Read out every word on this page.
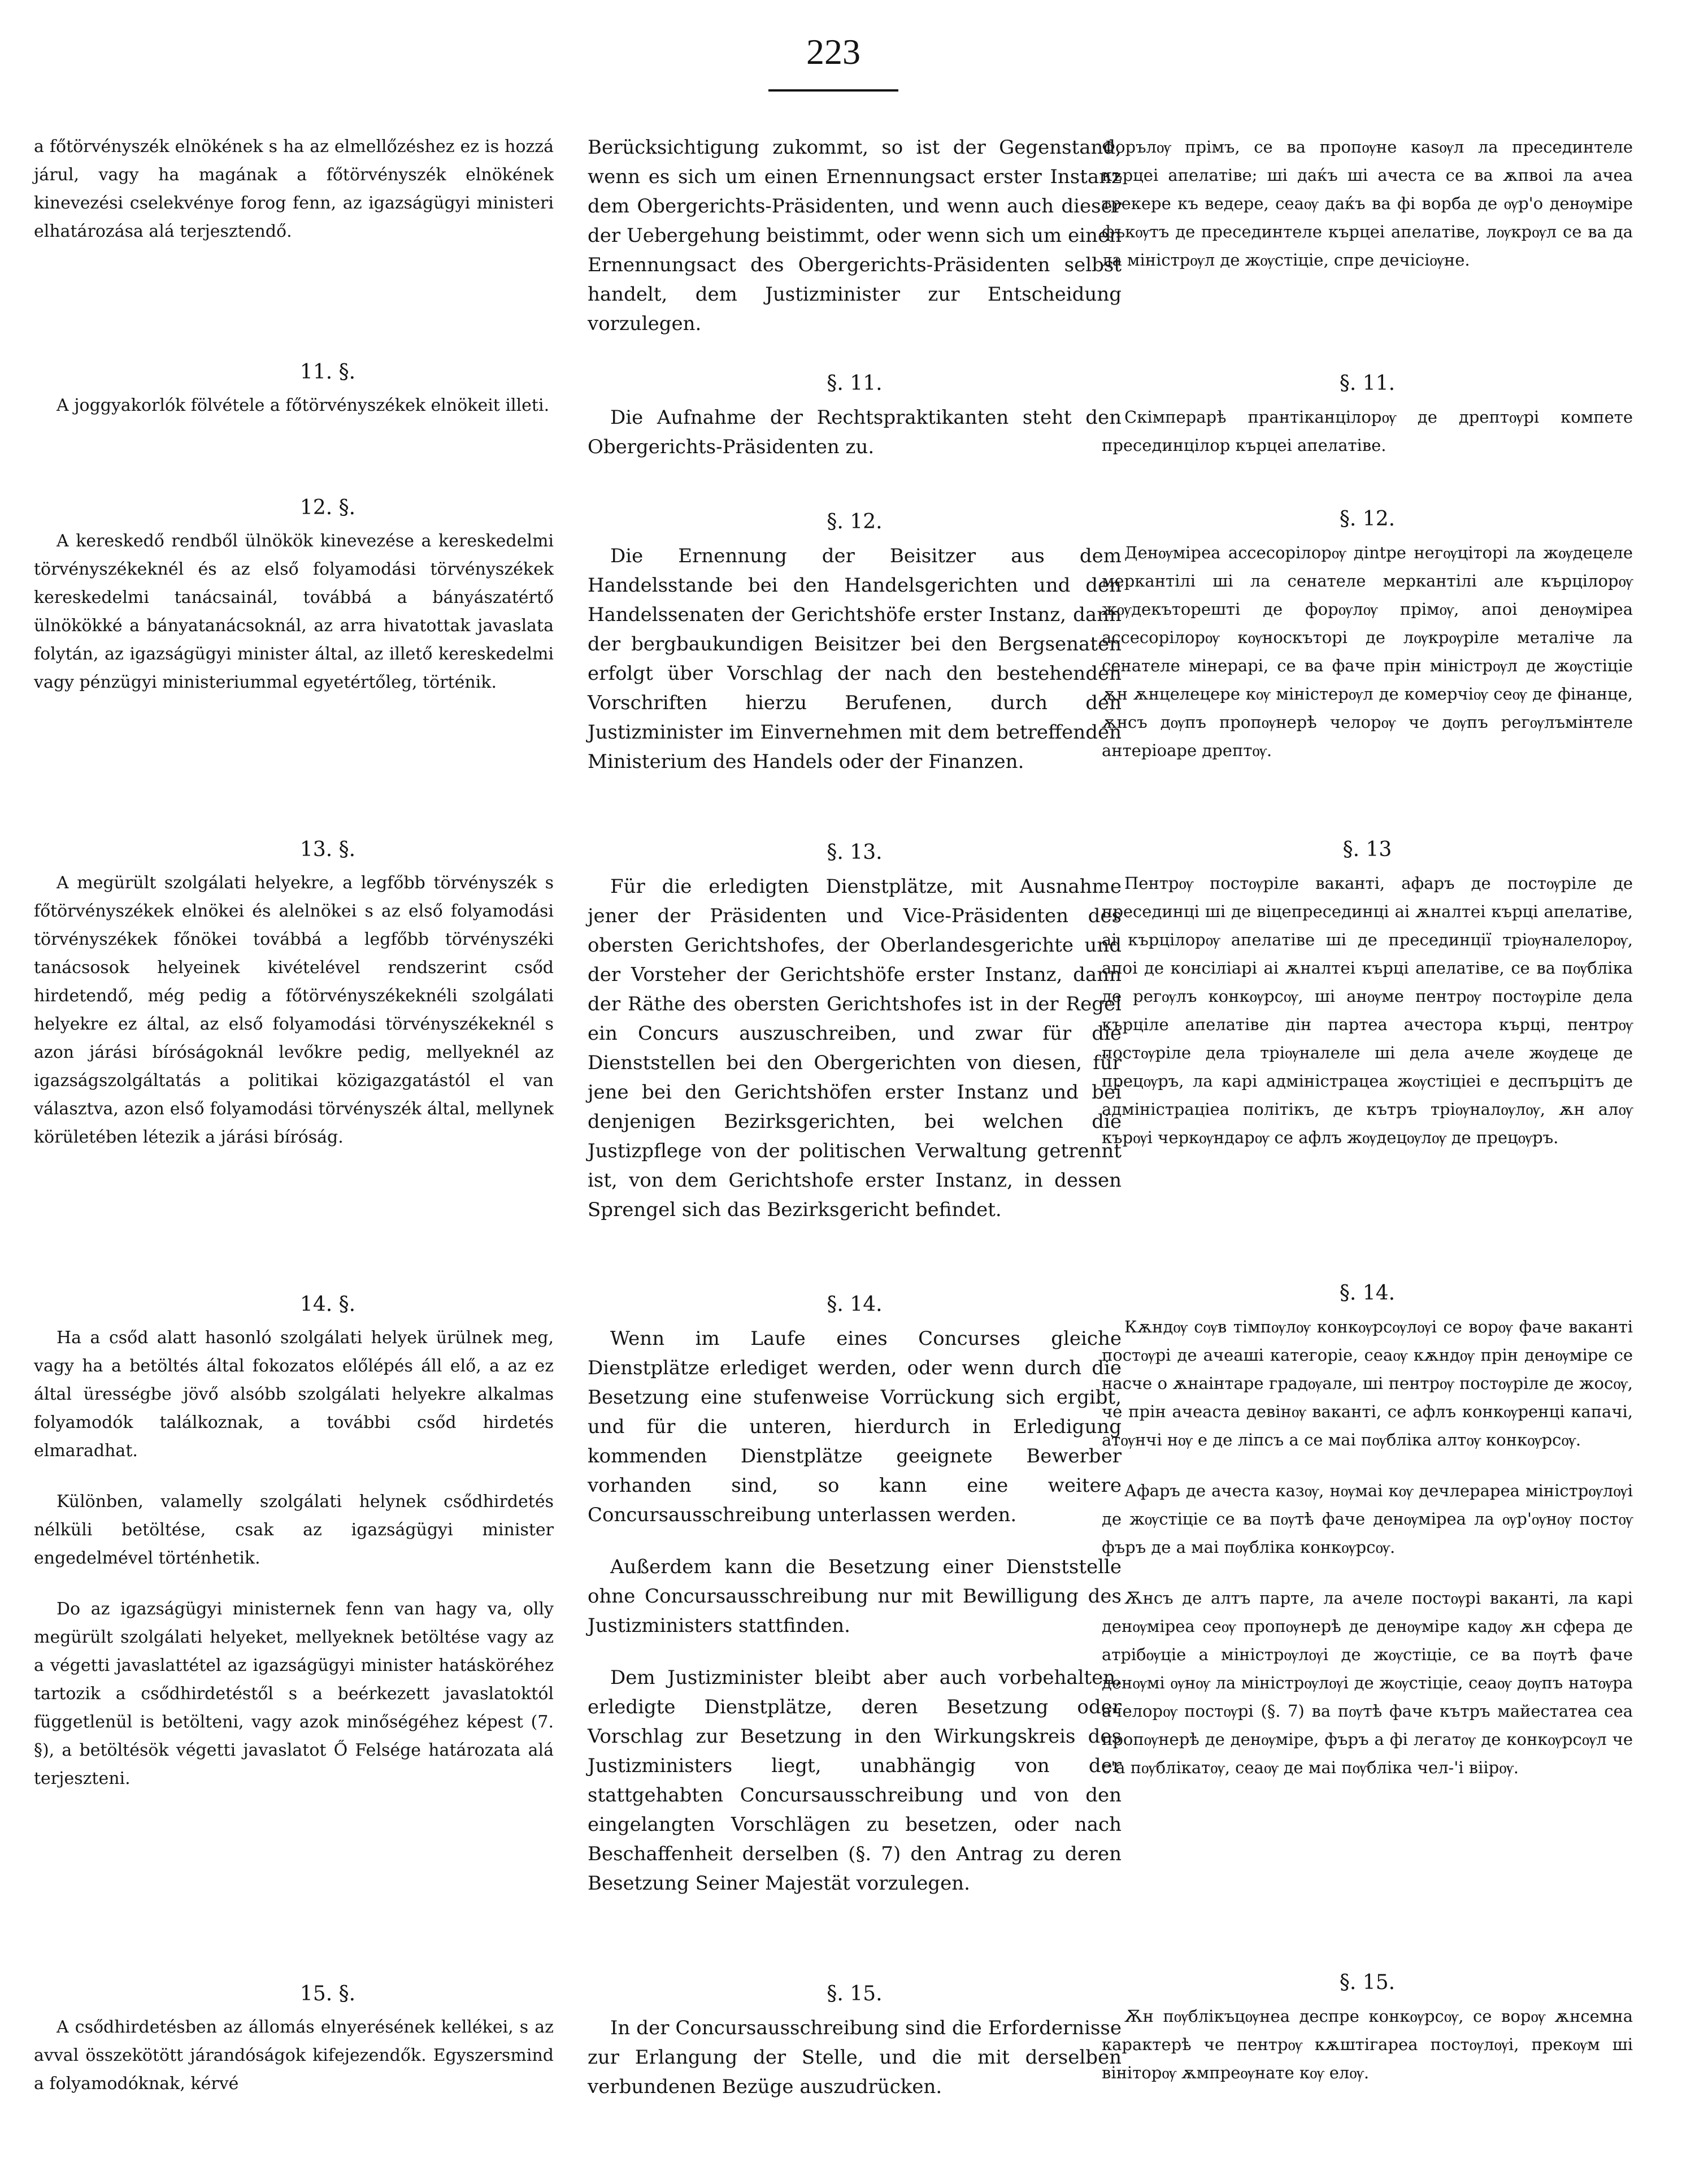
223
a főtörvényszék elnökének s ha az elmellőzéshez ez is hozzá járul, vagy ha magának a főtörvényszék elnökének kinevezési cselekvénye forog fenn, az igazságügyi ministeri elhatározása alá terjesztendő.
11. §.
A joggyakorlók fölvétele a főtörvényszékek elnökeit illeti.
12. §.
A kereskedő rendből ülnökök kinevezése a kereskedelmi törvényszékeknél és az első folyamodási törvényszékek kereskedelmi tanácsainál, továbbá a bányászatértő ülnökökké a bányatanácsoknál, az arra hivatottak javaslata folytán, az igazságügyi minister által, az illető kereskedelmi vagy pénzügyi ministeriummal egyetértőleg, történik.
13. §.
A megürült szolgálati helyekre, a legfőbb törvényszék s főtörvényszékek elnökei és alelnökei s az első folyamodási törvényszékek főnökei továbbá a legfőbb törvényszéki tanácsosok helyeinek kivételével rendszerint csőd hirdetendő, még pedig a főtörvényszékeknéli szolgálati helyekre ez által, az első folyamodási törvényszékeknél s azon járási bíróságoknál levőkre pedig, mellyeknél az igazságszolgáltatás a politikai közigazgatástól el van választva, azon első folyamodási törvényszék által, mellynek körületében létezik a járási bíróság.
14. §.
Ha a csőd alatt hasonló szolgálati helyek ürülnek meg, vagy ha a betöltés által fokozatos előlépés áll elő, a az ez által ürességbe jövő alsóbb szolgálati helyekre alkalmas folyamodók találkoznak, a további csőd hirdetés elmaradhat.
Különben, valamelly szolgálati helynek csődhirdetés nélküli betöltése, csak az igazságügyi minister engedelmével történhetik.
Do az igazságügyi ministernek fenn van hagy va, olly megürült szolgálati helyeket, mellyeknek betöltése vagy az a végetti javaslattétel az igazságügyi minister hatásköréhez tartozik a csődhirdetéstől s a beérkezett javaslatoktól függetlenül is betölteni, vagy azok minőségéhez képest (7. §), a betöltésök végetti javaslatot Ő Felsége határozata alá terjeszteni.
15. §.
A csődhirdetésben az állomás elnyerésének kellékei, s az avval összekötött járandóságok kifejezendők. Egyszersmind a folyamodóknak, kérvé
Berücksichtigung zukommt, so ist der Gegenstand, wenn es sich um einen Ernennungsact erster Instanz dem Obergerichts-Präsidenten, und wenn auch dieser der Uebergehung beistimmt, oder wenn sich um einen Ernennungsact des Obergerichts-Präsidenten selbst handelt, dem Justizminister zur Entscheidung vorzulegen.
§. 11.
Die Aufnahme der Rechtspraktikanten steht den Obergerichts-Präsidenten zu.
§. 12.
Die Ernennung der Beisitzer aus dem Handelsstande bei den Handelsgerichten und den Handelssenaten der Gerichtshöfe erster Instanz, dann der bergbaukundigen Beisitzer bei den Bergsenaten erfolgt über Vorschlag der nach den bestehenden Vorschriften hierzu Berufenen, durch den Justizminister im Einvernehmen mit dem betreffenden Ministerium des Handels oder der Finanzen.
§. 13.
Für die erledigten Dienstplätze, mit Ausnahme jener der Präsidenten und Vice-Präsidenten des obersten Gerichtshofes, der Oberlandesgerichte und der Vorsteher der Gerichtshöfe erster Instanz, dann der Räthe des obersten Gerichtshofes ist in der Regel ein Concurs auszuschreiben, und zwar für die Dienststellen bei den Obergerichten von diesen, für jene bei den Gerichtshöfen erster Instanz und bei denjenigen Bezirksgerichten, bei welchen die Justizpflege von der politischen Verwaltung getrennt ist, von dem Gerichtshofe erster Instanz, in dessen Sprengel sich das Bezirksgericht befindet.
§. 14.
Wenn im Laufe eines Concurses gleiche Dienstplätze erlediget werden, oder wenn durch die Besetzung eine stufenweise Vorrückung sich ergibt, und für die unteren, hierdurch in Erledigung kommenden Dienstplätze geeignete Bewerber vorhanden sind, so kann eine weitere Concursausschreibung unterlassen werden.
Außerdem kann die Besetzung einer Dienststelle ohne Concursausschreibung nur mit Bewilligung des Justizministers stattfinden.
Dem Justizminister bleibt aber auch vorbehalten, erledigte Dienstplätze, deren Besetzung oder Vorschlag zur Besetzung in den Wirkungskreis des Justizministers liegt, unabhängig von der stattgehabten Concursausschreibung und von den eingelangten Vorschlägen zu besetzen, oder nach Beschaffenheit derselben (§. 7) den Antrag zu deren Besetzung Seiner Majestät vorzulegen.
§. 15.
In der Concursausschreibung sind die Erfordernisse zur Erlangung der Stelle, und die mit derselben verbundenen Bezüge auszudrücken.
Форълѹ прімъ, се ва пропѹне каѕѹл ла пресединтеле кърцеі апелатіве; ші даќъ ші ачеста се ва ѫпвоі ла ачеа трекере къ ведере, сеаѹ даќъ ва фі ворба де ѹр'о денѹміре фъкѹтъ де пресединтеле кърцеі апелатіве, лѹкрѹл се ва да ла міністрѹл де жѹстіціе, спре дечісіѹне.
§. 11.
Скімперарѣ прантіканцілорѹ де дрептѹрі компете пресединцілор кърцеі апелатіве.
§. 12.
Денѹміреа ассесорілорѹ діntре негѹціторі ла жѹдецеле меркантілі ші ла сенателе меркантілі але кърцілорѹ жѹдекъторешті де форѹлѹ прімѹ, апоі денѹміреа ассесорілорѹ кѹноскъторі де лѹкрѹріле металіче ла сенателе мінерарі, се ва фаче прін міністрѹл де жѹстіціе ѫн ѫнцелецере кѹ міністерѹл де комерчіѹ сеѹ де фінанце, ѫнсъ дѹпъ пропѹнерѣ челорѹ че дѹпъ регѹлъмінтеле антеріоаре дрептѹ.
§. 13
Пентрѹ постѹріле ваканті, афаръ де постѹріле де пресединці ші де віцепресединці аі ѫналтеі кърці апелатіве, аі кърцілорѹ апелатіве ші де пресединції тріѹналелорѹ, апоі де консіліарі аі ѫналтеі кърці апелатіве, се ва пѹбліка де регѹлъ конкѹрсѹ, ші анѹме пентрѹ постѹріле дела кърціле апелатіве дін партеа ачестора кърці, пентрѹ постѹріле дела тріѹналеле ші дела ачеле жѹдеце де прецѹръ, ла карі адміністрацеа жѹстіціеі е деспърцітъ де адміністраціеа політікъ, де кътръ тріѹналѹлѹ, ѫн алѹ кърѹі черкѹндарѹ се афлъ жѹдецѹлѹ де прецѹръ.
§. 14.
Кѫндѹ сѹв тімпѹлѹ конкѹрсѹлѹі се ворѹ фаче ваканті постѹрі де ачеаші категоріе, сеаѹ кѫндѹ прін денѹміре се насче о ѫнаінтаре градѹале, ші пентрѹ постѹріле де жосѹ, че прін ачеаста девінѹ ваканті, се афлъ конкѹренці капачі, атѹнчі нѹ е де ліпсъ а се маі пѹбліка алтѹ конкѹрсѹ.
Афаръ де ачеста казѹ, нѹмаі кѹ дечлерареа міністрѹлѹі де жѹстіціе се ва пѹтѣ фаче денѹміреа ла ѹр'ѹнѹ постѹ фъръ де а маі пѹбліка конкѹрсѹ.
Ѫнсъ де алтъ парте, ла ачеле постѹрі ваканті, ла карі денѹміреа сеѹ пропѹнерѣ де денѹміре кадѹ ѫн сфера де атрібѹціе а міністрѹлѹі де жѹстіціе, се ва пѹтѣ фаче денѹмі ѹнѹ ла міністрѹлѹі де жѹстіціе, сеаѹ дѹпъ натѹра ачелорѹ постѹрі (§. 7) ва пѹтѣ фаче кътръ майестатеа сеа пропѹнерѣ де денѹміре, фъръ а фі легатѹ де конкѹрсѹл че с'а пѹблікатѹ, сеаѹ де маі пѹбліка чел-'і віірѹ.
§. 15.
Ѫн пѹблікъцѹнеа деспре конкѹрсѹ, се ворѹ ѫнсемна карактерѣ че пентрѹ кѫштігареа постѹлѹі, прекѹм ші вініторѹ ѫмпреѹнате кѹ елѹ.
